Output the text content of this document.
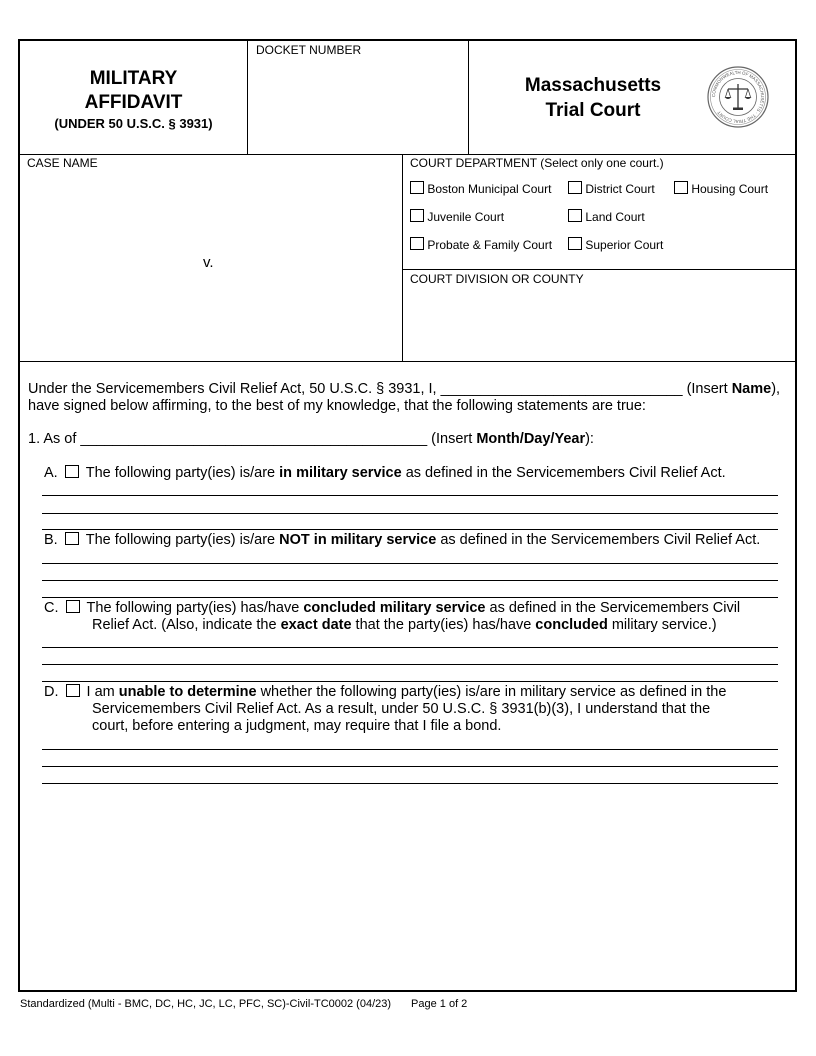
MILITARY
AFFIDAVIT
(UNDER 50 U.S.C. § 3931)
DOCKET NUMBER
Massachusetts
Trial Court
COMMONWEALTH OF MASSACHUSETTS · THE TRIAL COURT
CASE NAME
v.
COURT DEPARTMENT (Select only one court.)
Boston Municipal Court	District Court	Housing Court
Juvenile Court	Land Court
Probate & Family Court	Superior Court
COURT DIVISION OR COUNTY
Under the Servicemembers Civil Relief Act, 50 U.S.C. § 3931, I, ______________________________ (Insert Name),
have signed below affirming, to the best of my knowledge, that the following statements are true:
1. As of ___________________________________________ (Insert Month/Day/Year):
A. The following party(ies) is/are in military service as defined in the Servicemembers Civil Relief Act.
B. The following party(ies) is/are NOT in military service as defined in the Servicemembers Civil Relief Act.
C. The following party(ies) has/have concluded military service as defined in the Servicemembers Civil
Relief Act. (Also, indicate the exact date that the party(ies) has/have concluded military service.)
D. I am unable to determine whether the following party(ies) is/are in military service as defined in the
Servicemembers Civil Relief Act. As a result, under 50 U.S.C. § 3931(b)(3), I understand that the
court, before entering a judgment, may require that I file a bond.
Standardized (Multi - BMC, DC, HC, JC, LC, PFC, SC)-Civil-TC0002 (04/23) Page 1 of 2
